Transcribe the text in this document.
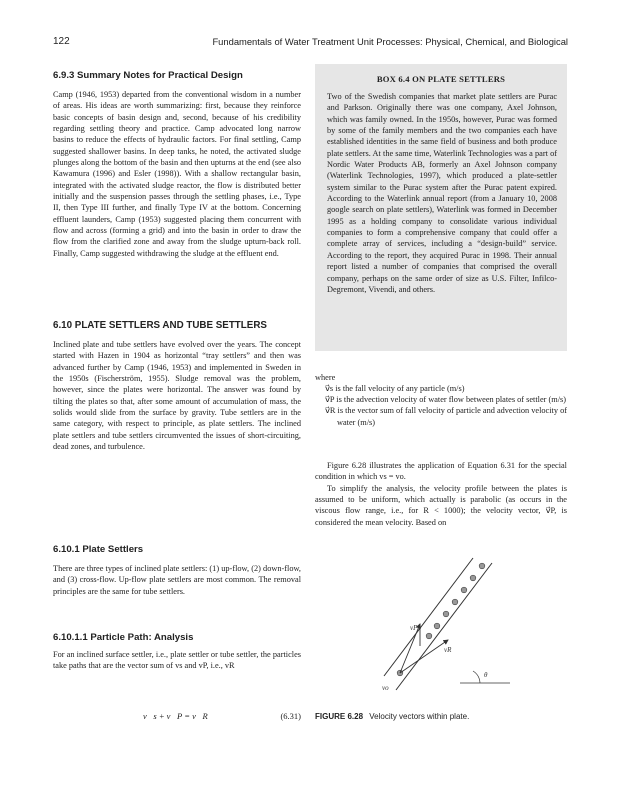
122	Fundamentals of Water Treatment Unit Processes: Physical, Chemical, and Biological
6.9.3 Summary Notes for Practical Design

Camp (1946, 1953) departed from the conventional wisdom in a number of areas. His ideas are worth summarizing: first, because they reinforce basic concepts of basin design and, second, because of his credibility regarding settling theory and practice. Camp advocated long narrow basins to reduce the effects of hydraulic factors. For final settling, Camp suggested shallower basins. In deep tanks, he noted, the activated sludge plunges along the bottom of the basin and then upturns at the end (see also Kawamura (1996) and Esler (1998)). With a shallow rectangular basin, integrated with the activated sludge reactor, the flow is distributed better initially and the suspension passes through the settling phases, i.e., Type II, then Type III further, and finally Type IV at the bottom. Concerning effluent launders, Camp (1953) suggested placing them concurrent with flow and across (forming a grid) and into the basin in order to draw the flow from the clarified zone and away from the sludge upturn-back roll. Finally, Camp suggested withdrawing the sludge at the effluent end.

6.10 PLATE SETTLERS AND TUBE SETTLERS

Inclined plate and tube settlers have evolved over the years. The concept started with Hazen in 1904 as horizontal “tray settlers” and then was advanced further by Camp (1946, 1953) and implemented in Sweden in the 1950s (Fischerström, 1955). Sludge removal was the problem, however, since the plates were horizontal. The answer was found by tilting the plates so that, after some amount of accumulation of mass, the solids would slide from the surface by gravity. Tube settlers are in the same category, with respect to principle, as plate settlers. The inclined plate settlers and tube settlers circumvented the issues of short-circuiting, dead zones, and turbulence.

6.10.1 Plate Settlers

There are three types of inclined plate settlers: (1) up-flow, (2) down-flow, and (3) cross-flow. Up-flow plate settlers are most common. The removal principles are the same for tube settlers.

6.10.1.1 Particle Path: Analysis

For an inclined surface settler, i.e., plate settler or tube settler, the particles take paths that are the vector sum of vs and vP, i.e., vR

v⃗s + v⃗P = v⃗R	(6.31)
BOX 6.4 ON PLATE SETTLERS
Two of the Swedish companies that market plate settlers are Purac and Parkson. Originally there was one company, Axel Johnson, which was family owned. In the 1950s, however, Purac was formed by some of the family members and the two companies each have established identities in the same field of business and both produce plate settlers. At the same time, Waterlink Technologies was a part of Nordic Water Products AB, formerly an Axel Johnson company (Waterlink Technologies, 1997), which produced a plate-settler system similar to the Purac system after the Purac patent expired. According to the Waterlink annual report (from a January 10, 2008 google search on plate settlers), Waterlink was formed in December 1995 as a holding company to consolidate various individual companies to form a comprehensive company that could offer a complete array of services, including a “design-build” service. According to the report, they acquired Purac in 1998. Their annual report listed a number of companies that comprised the overall company, perhaps on the same order of size as U.S. Filter, Infilco-Degremont, Vivendi, and others.
where
v⃗s is the fall velocity of any particle (m/s)
v⃗P is the advection velocity of water flow between plates of settler (m/s)
v⃗R is the vector sum of fall velocity of particle and advection velocity of water (m/s)

Figure 6.28 illustrates the application of Equation 6.31 for the special condition in which vs = vo.

To simplify the analysis, the velocity profile between the plates is assumed to be uniform, which actually is parabolic (as occurs in the viscous flow range, i.e., for R < 1000); the velocity vector, v⃗P, is considered the mean velocity. Based on

vP
vR
vo
θ
FIGURE 6.28 Velocity vectors within plate.
